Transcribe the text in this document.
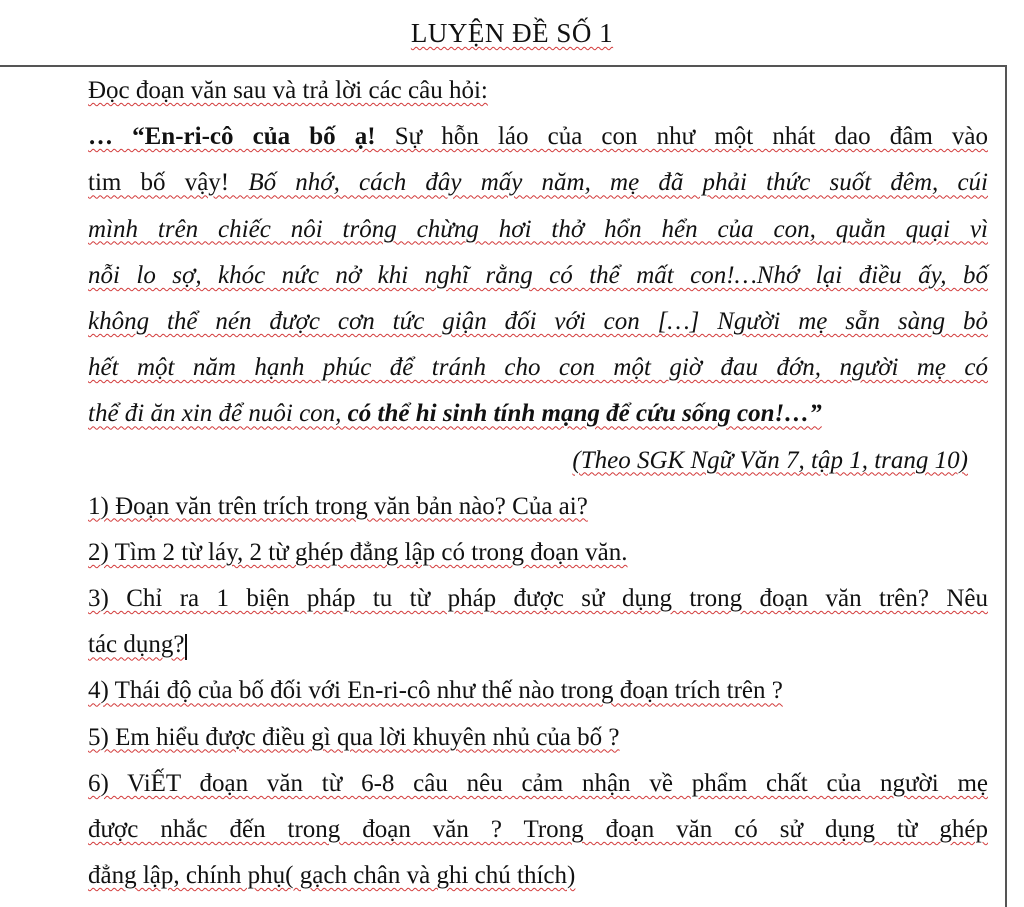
LUYỆN ĐỀ SỐ 1
Đọc đoạn văn sau và trả lời các câu hỏi:
… “En-ri-cô của bố ạ! Sự hỗn láo của con như một nhát dao đâm vào
tim bố vậy! Bố nhớ, cách đây mấy năm, mẹ đã phải thức suốt đêm, cúi
mình trên chiếc nôi trông chừng hơi thở hổn hển của con, quằn quại vì
nỗi lo sợ, khóc nức nở khi nghĩ rằng có thể mất con!…Nhớ lại điều ấy, bố
không thể nén được cơn tức giận đối với con […] Người mẹ sẵn sàng bỏ
hết một năm hạnh phúc để tránh cho con một giờ đau đớn, người mẹ có
thể đi ăn xin để nuôi con, có thể hi sinh tính mạng để cứu sống con!…”
(Theo SGK Ngữ Văn 7, tập 1, trang 10)
1) Đoạn văn trên trích trong văn bản nào? Của ai?
2) Tìm 2 từ láy, 2 từ ghép đẳng lập có trong đoạn văn.
3) Chỉ ra 1 biện pháp tu từ pháp được sử dụng trong đoạn văn trên? Nêu
tác dụng?
4) Thái độ của bố đối với En-ri-cô như thế nào trong đoạn trích trên ?
5) Em hiểu được điều gì qua lời khuyên nhủ của bố ?
6) ViẾT đoạn văn từ 6-8 câu nêu cảm nhận về phẩm chất của người mẹ
được nhắc đến trong đoạn văn ? Trong đoạn văn có sử dụng từ ghép
đẳng lập, chính phụ( gạch chân và ghi chú thích)
